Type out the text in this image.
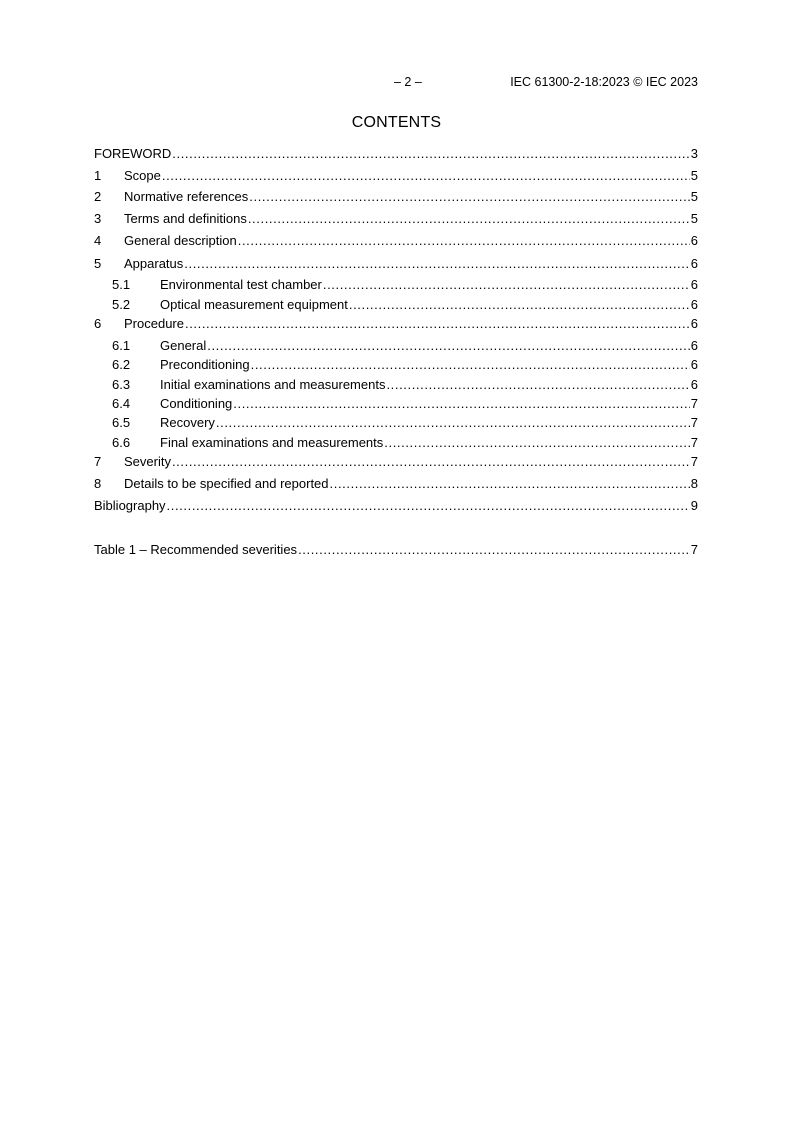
– 2 –	IEC 61300-2-18:2023 © IEC 2023
CONTENTS
FOREWORD .....	3
1	Scope .....	5
2	Normative references .....	5
3	Terms and definitions .....	5
4	General description .....	6
5	Apparatus .....	6
5.1	Environmental test chamber .....	6
5.2	Optical measurement equipment .....	6
6	Procedure .....	6
6.1	General .....	6
6.2	Preconditioning .....	6
6.3	Initial examinations and measurements .....	6
6.4	Conditioning .....	7
6.5	Recovery .....	7
6.6	Final examinations and measurements .....	7
7	Severity .....	7
8	Details to be specified and reported .....	8
Bibliography .....	9
Table 1 – Recommended severities .....	7
